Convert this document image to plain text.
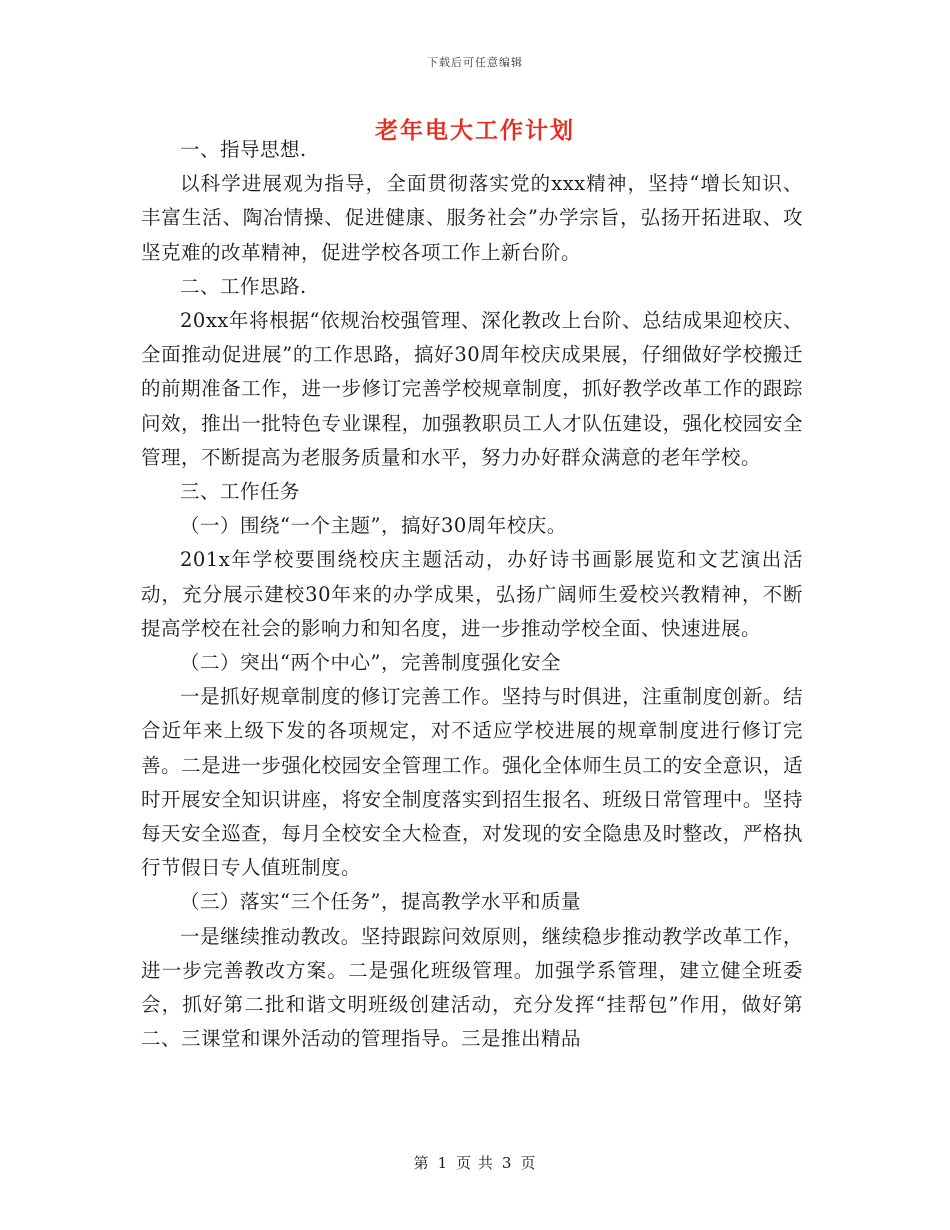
下载后可任意编辑
老年电大工作计划

一、指导思想.

以科学进展观为指导，全面贯彻落实党的xxx精神，坚持“增长知识、丰富生活、陶冶情操、促进健康、服务社会”办学宗旨，弘扬开拓进取、攻坚克难的改革精神，促进学校各项工作上新台阶。

二、工作思路.

20xx年将根据“依规治校强管理、深化教改上台阶、总结成果迎校庆、全面推动促进展”的工作思路，搞好30周年校庆成果展，仔细做好学校搬迁的前期准备工作，进一步修订完善学校规章制度，抓好教学改革工作的跟踪问效，推出一批特色专业课程，加强教职员工人才队伍建设，强化校园安全管理，不断提高为老服务质量和水平，努力办好群众满意的老年学校。

三、工作任务

（一）围绕“一个主题”，搞好30周年校庆。

201x年学校要围绕校庆主题活动，办好诗书画影展览和文艺演出活动，充分展示建校30年来的办学成果，弘扬广阔师生爱校兴教精神，不断提高学校在社会的影响力和知名度，进一步推动学校全面、快速进展。

（二）突出“两个中心”，完善制度强化安全

一是抓好规章制度的修订完善工作。坚持与时俱进，注重制度创新。结合近年来上级下发的各项规定，对不适应学校进展的规章制度进行修订完善。二是进一步强化校园安全管理工作。强化全体师生员工的安全意识，适时开展安全知识讲座，将安全制度落实到招生报名、班级日常管理中。坚持每天安全巡查，每月全校安全大检查，对发现的安全隐患及时整改，严格执行节假日专人值班制度。

（三）落实“三个任务”，提高教学水平和质量

一是继续推动教改。坚持跟踪问效原则，继续稳步推动教学改革工作，进一步完善教改方案。二是强化班级管理。加强学系管理，建立健全班委会，抓好第二批和谐文明班级创建活动，充分发挥“挂帮包”作用，做好第二、三课堂和课外活动的管理指导。三是推出精品

第 1 页 共 3 页
